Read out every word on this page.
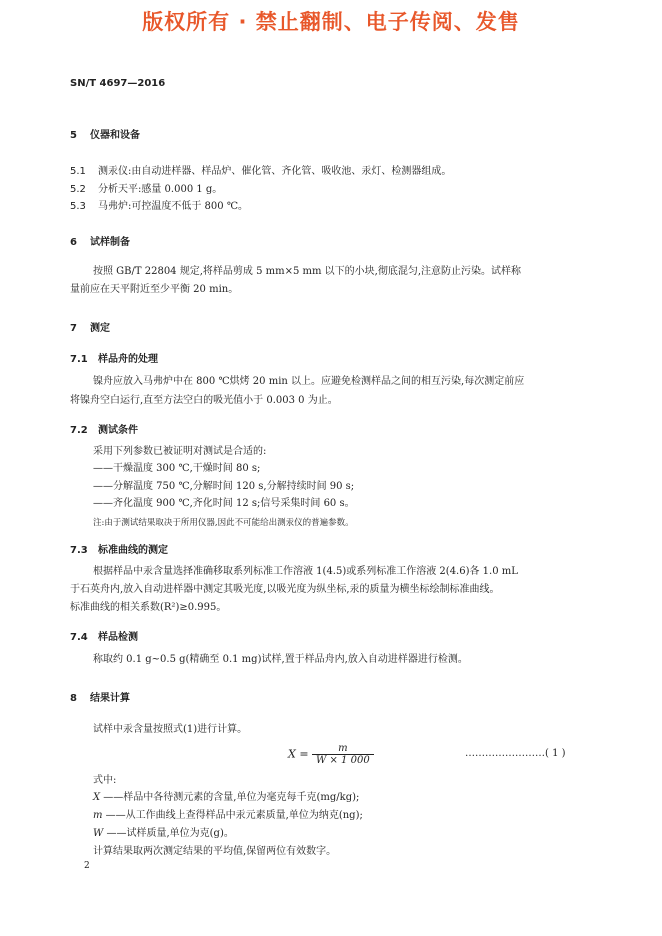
版权所有 · 禁止翻制、电子传阅、发售
SN/T 4697—2016
5 仪器和设备
5.1 测汞仪:由自动进样器、样品炉、催化管、齐化管、吸收池、汞灯、检测器组成。
5.2 分析天平:感量 0.000 1 g。
5.3 马弗炉:可控温度不低于 800 ℃。
6 试样制备
按照 GB/T 22804 规定,将样品剪成 5 mm×5 mm 以下的小块,彻底混匀,注意防止污染。试样称
量前应在天平附近至少平衡 20 min。
7 测定
7.1 样品舟的处理
镍舟应放入马弗炉中在 800 ℃烘烤 20 min 以上。应避免检测样品之间的相互污染,每次测定前应
将镍舟空白运行,直至方法空白的吸光值小于 0.003 0 为止。
7.2 测试条件
采用下列参数已被证明对测试是合适的:
——干燥温度 300 ℃,干燥时间 80 s;
——分解温度 750 ℃,分解时间 120 s,分解持续时间 90 s;
——齐化温度 900 ℃,齐化时间 12 s;信号采集时间 60 s。
注:由于测试结果取决于所用仪器,因此不可能给出测汞仪的普遍参数。
7.3 标准曲线的测定
根据样品中汞含量选择准确移取系列标准工作溶液 1(4.5)或系列标准工作溶液 2(4.6)各 1.0 mL
于石英舟内,放入自动进样器中测定其吸光度,以吸光度为纵坐标,汞的质量为横坐标绘制标准曲线。
标准曲线的相关系数(R²)≥0.995。
7.4 样品检测
称取约 0.1 g~0.5 g(精确至 0.1 mg)试样,置于样品舟内,放入自动进样器进行检测。
8 结果计算
试样中汞含量按照式(1)进行计算。
$X = \frac{m}{W \times 1 000}$	……………………( 1 )
式中:
X ——样品中各待测元素的含量,单位为毫克每千克(mg/kg);
m ——从工作曲线上查得样品中汞元素质量,单位为纳克(ng);
W ——试样质量,单位为克(g)。
计算结果取两次测定结果的平均值,保留两位有效数字。
2
